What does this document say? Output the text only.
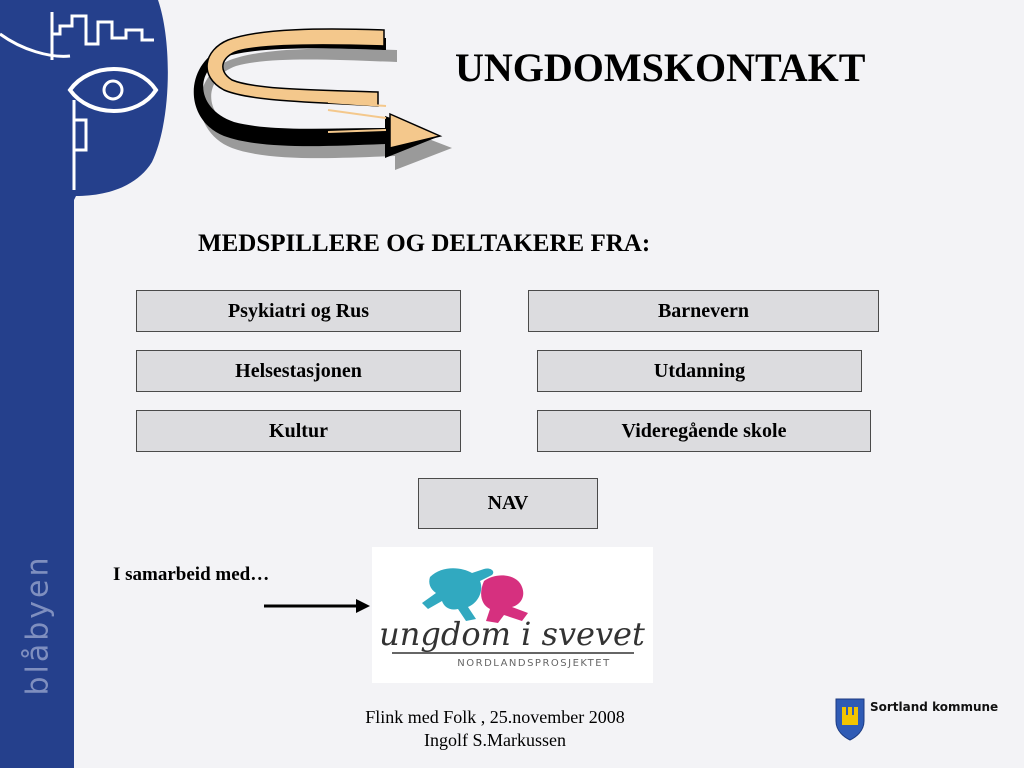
blåbyen
UNGDOMSKONTAKT
MEDSPILLERE OG DELTAKERE FRA:
Psykiatri og Rus	Barnevern
Helsestasjonen	Utdanning
Kultur	Videregående skole
NAV
I samarbeid med…
ungdom i svevet
NORDLANDSPROSJEKTET
Flink med Folk , 25.november 2008
Ingolf S.Markussen
Sortland kommune
